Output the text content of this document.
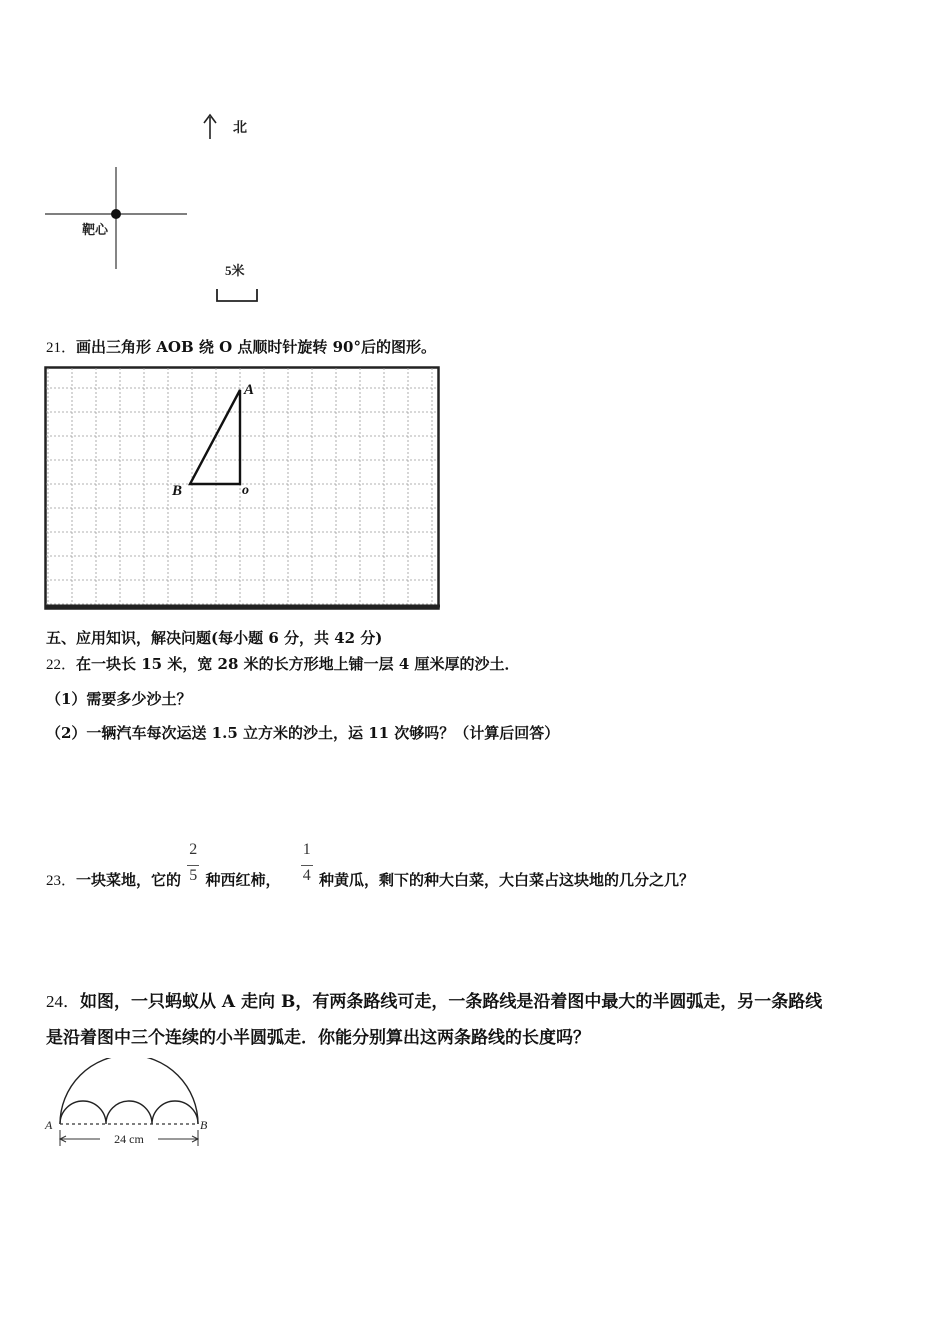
北
靶心
5米
21．画出三角形 AOB 绕 O 点顺时针旋转 90°后的图形。
A
B	o
五、应用知识，解决问题(每小题 6 分，共 42 分)
22．在一块长 15 米，宽 28 米的长方形地上铺一层 4 厘米厚的沙土．
（1）需要多少沙土？
（2）一辆汽车每次运送 1.5 立方米的沙土，运 11 次够吗？（计算后回答）
23．一块菜地，它的 $\frac{2}{5}$ 种西红柿， $\frac{1}{4}$ 种黄瓜，剩下的种大白菜，大白菜占这块地的几分之几？
24．如图，一只蚂蚁从 A 走向 B，有两条路线可走，一条路线是沿着图中最大的半圆弧走，另一条路线
是沿着图中三个连续的小半圆弧走．你能分别算出这两条路线的长度吗？
A	B
24 cm
